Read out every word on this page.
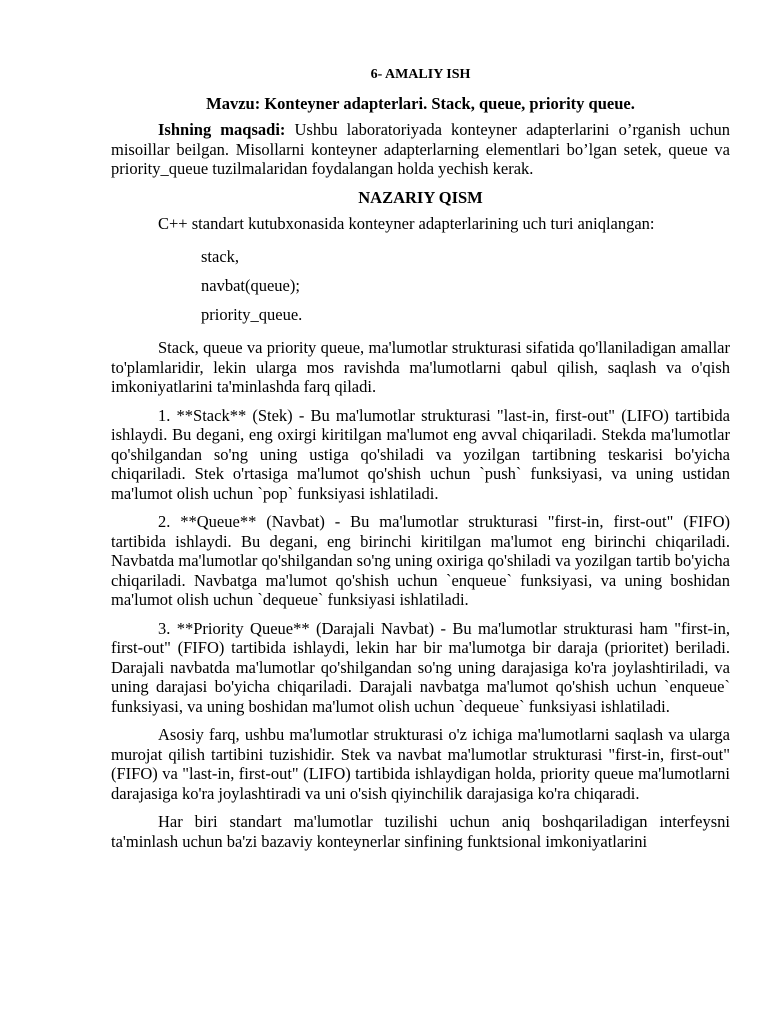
6- AMALIY ISH
Mavzu: Konteyner adapterlari. Stack, queue, priority queue.

Ishning maqsadi: Ushbu laboratoriyada konteyner adapterlarini o’rganish uchun misoillar beilgan. Misollarni konteyner adapterlarning elementlari bo’lgan setek, queue va priority_queue tuzilmalaridan foydalangan holda yechish kerak.

NAZARIY QISM

C++ standart kutubxonasida konteyner adapterlarining uch turi aniqlangan:

stack,
navbat(queue);
priority_queue.

Stack, queue va priority queue, ma'lumotlar strukturasi sifatida qo'llaniladigan amallar to'plamlaridir, lekin ularga mos ravishda ma'lumotlarni qabul qilish, saqlash va o'qish imkoniyatlarini ta'minlashda farq qiladi.

1. **Stack** (Stek) - Bu ma'lumotlar strukturasi "last-in, first-out" (LIFO) tartibida ishlaydi. Bu degani, eng oxirgi kiritilgan ma'lumot eng avval chiqariladi. Stekda ma'lumotlar qo'shilgandan so'ng uning ustiga qo'shiladi va yozilgan tartibning teskarisi bo'yicha chiqariladi. Stek o'rtasiga ma'lumot qo'shish uchun `push` funksiyasi, va uning ustidan ma'lumot olish uchun `pop` funksiyasi ishlatiladi.

2. **Queue** (Navbat) - Bu ma'lumotlar strukturasi "first-in, first-out" (FIFO) tartibida ishlaydi. Bu degani, eng birinchi kiritilgan ma'lumot eng birinchi chiqariladi. Navbatda ma'lumotlar qo'shilgandan so'ng uning oxiriga qo'shiladi va yozilgan tartib bo'yicha chiqariladi. Navbatga ma'lumot qo'shish uchun `enqueue` funksiyasi, va uning boshidan ma'lumot olish uchun `dequeue` funksiyasi ishlatiladi.

3. **Priority Queue** (Darajali Navbat) - Bu ma'lumotlar strukturasi ham "first-in, first-out" (FIFO) tartibida ishlaydi, lekin har bir ma'lumotga bir daraja (prioritet) beriladi. Darajali navbatda ma'lumotlar qo'shilgandan so'ng uning darajasiga ko'ra joylashtiriladi, va uning darajasi bo'yicha chiqariladi. Darajali navbatga ma'lumot qo'shish uchun `enqueue` funksiyasi, va uning boshidan ma'lumot olish uchun `dequeue` funksiyasi ishlatiladi.

Asosiy farq, ushbu ma'lumotlar strukturasi o'z ichiga ma'lumotlarni saqlash va ularga murojat qilish tartibini tuzishidir. Stek va navbat ma'lumotlar strukturasi "first-in, first-out" (FIFO) va "last-in, first-out" (LIFO) tartibida ishlaydigan holda, priority queue ma'lumotlarni darajasiga ko'ra joylashtiradi va uni o'sish qiyinchilik darajasiga ko'ra chiqaradi.

Har biri standart ma'lumotlar tuzilishi uchun aniq boshqariladigan interfeysni ta'minlash uchun ba'zi bazaviy konteynerlar sinfining funktsional imkoniyatlarini
